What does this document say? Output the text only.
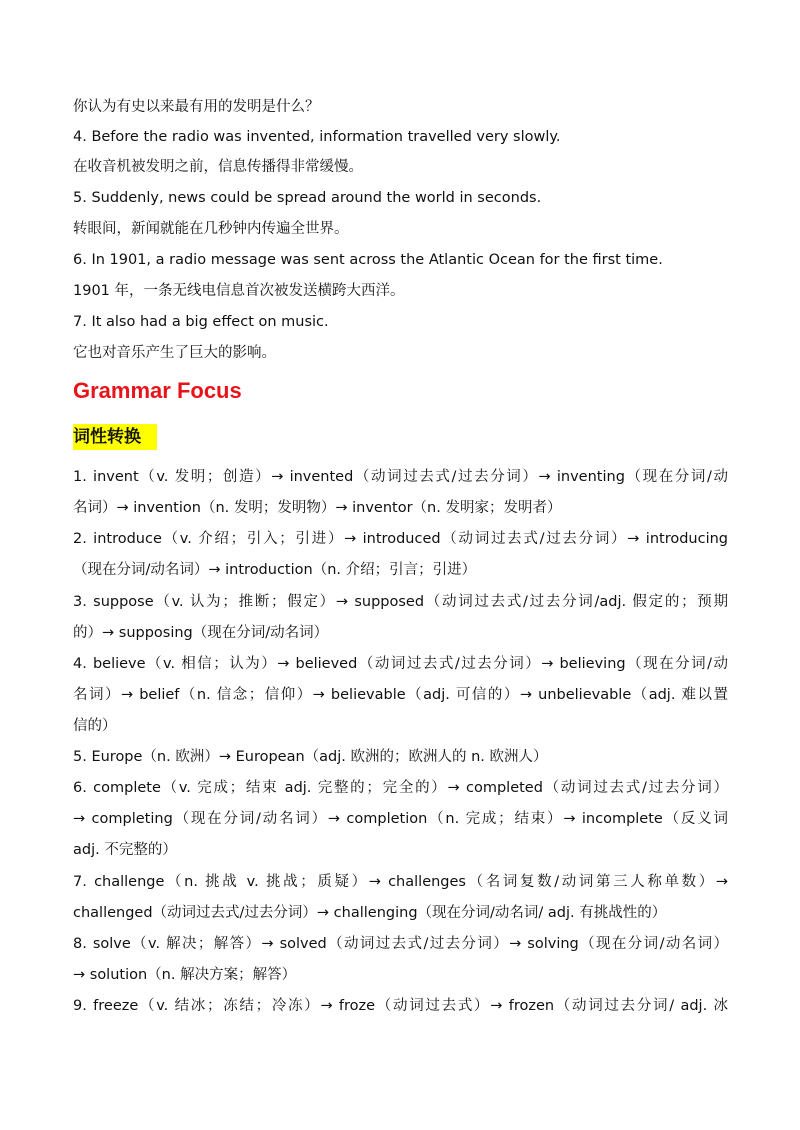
你认为有史以来最有用的发明是什么？
4. Before the radio was invented, information travelled very slowly.
在收音机被发明之前，信息传播得非常缓慢。
5. Suddenly, news could be spread around the world in seconds.
转眼间，新闻就能在几秒钟内传遍全世界。
6. In 1901, a radio message was sent across the Atlantic Ocean for the first time.
1901 年，一条无线电信息首次被发送横跨大西洋。
7. It also had a big effect on music.
它也对音乐产生了巨大的影响。
Grammar Focus
词性转换
1. invent（v. 发明；创造）→ invented（动词过去式/过去分词）→ inventing（现在分词/动
名词）→ invention（n. 发明；发明物）→ inventor（n. 发明家；发明者）
2. introduce（v. 介绍；引入；引进）→ introduced（动词过去式/过去分词）→ introducing
（现在分词/动名词）→ introduction（n. 介绍；引言；引进）
3. suppose（v. 认为；推断；假定）→ supposed（动词过去式/过去分词/adj. 假定的；预期
的）→ supposing（现在分词/动名词）
4. believe（v. 相信；认为）→ believed（动词过去式/过去分词）→ believing（现在分词/动
名词）→ belief（n. 信念；信仰）→ believable（adj. 可信的）→ unbelievable（adj. 难以置
信的）
5. Europe（n. 欧洲）→ European（adj. 欧洲的；欧洲人的 n. 欧洲人）
6. complete（v. 完成；结束 adj. 完整的；完全的）→ completed（动词过去式/过去分词）
→ completing（现在分词/动名词）→ completion（n. 完成；结束）→ incomplete（反义词
adj. 不完整的）
7. challenge（n. 挑战 v. 挑战；质疑）→ challenges（名词复数/动词第三人称单数）→
challenged（动词过去式/过去分词）→ challenging（现在分词/动名词/ adj. 有挑战性的）
8. solve（v. 解决；解答）→ solved（动词过去式/过去分词）→ solving（现在分词/动名词）
→ solution（n. 解决方案；解答）
9. freeze（v. 结冰；冻结；冷冻）→ froze（动词过去式）→ frozen（动词过去分词/ adj. 冰
